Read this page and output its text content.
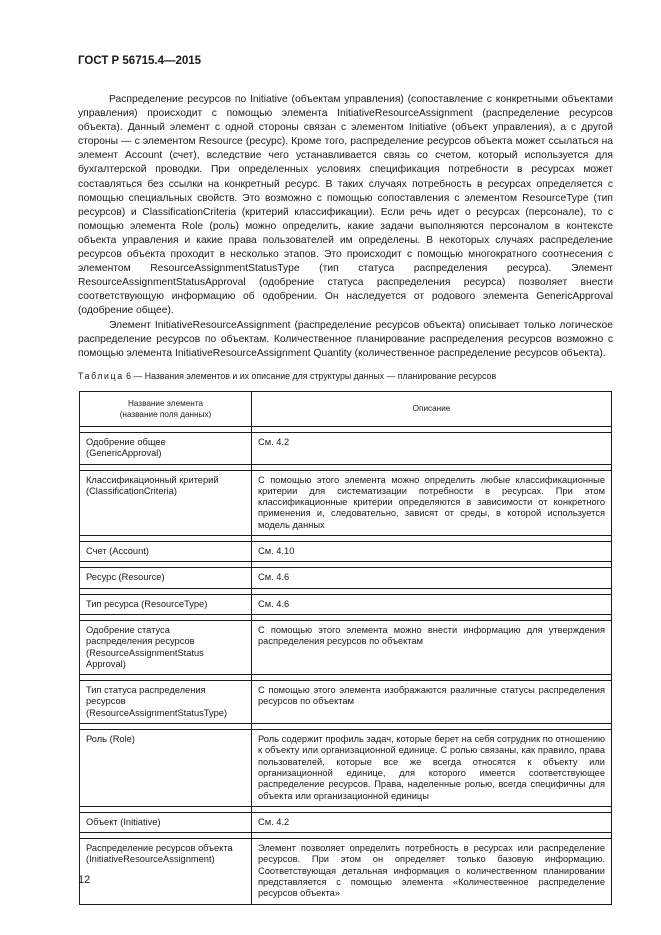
ГОСТ Р 56715.4—2015

Распределение ресурсов по Initiative (объектам управления) (сопоставление с конкретными объектами управления) происходит с помощью элемента InitiativeResourceAssignment (распределение ресурсов объекта). Данный элемент с одной стороны связан с элементом Initiative (объект управления), а с другой стороны — с элементом Resource (ресурс). Кроме того, распределение ресурсов объекта может ссылаться на элемент Account (счет), вследствие чего устанавливается связь со счетом, который используется для бухгалтерской проводки. При определенных условиях спецификация потребности в ресурсах может составляться без ссылки на конкретный ресурс. В таких случаях потребность в ресурсах определяется с помощью специальных свойств. Это возможно с помощью сопоставления с элементом ResourceType (тип ресурсов) и ClassificationCriteria (критерий классификации). Если речь идет о ресурсах (персонале), то с помощью элемента Role (роль) можно определить, какие задачи выполняются персоналом в контексте объекта управления и какие права пользователей им определены. В некоторых случаях распределение ресурсов объекта проходит в несколько этапов. Это происходит с помощью многократного соотнесения с элементом ResourceAssignmentStatusType (тип статуса распределения ресурса). Элемент ResourceAssignmentStatusApproval (одобрение статуса распределения ресурса) позволяет внести соответствующую информацию об одобрении. Он наследуется от родового элемента GenericApproval (одобрение общее).

Элемент InitiativeResourceAssignment (распределение ресурсов объекта) описывает только логическое распределение ресурсов по объектам. Количественное планирование распределения ресурсов возможно с помощью элемента InitiativeResourceAssignment Quantity (количественное распределение ресурсов объекта).

Таблица 6 — Названия элементов и их описание для структуры данных — планирование ресурсов
Название элемента
(название поля данных)	Описание

Одобрение общее
(GenericApproval)	См. 4.2

Классификационный критерий
(ClassificationCriteria)	С помощью этого элемента можно определить любые классификационные критерии для систематизации потребности в ресурсах. При этом классификационные критерии определяются в зависимости от конкретного применения и, следовательно, зависят от среды, в которой используется модель данных

Счет (Account)	См. 4.10

Ресурс (Resource)	См. 4.6

Тип ресурса (ResourceType)	См. 4.6

Одобрение статуса
распределения ресурсов
(ResourceAssignmentStatus
Approval)	С помощью этого элемента можно внести информацию для утверждения распределения ресурсов по объектам

Тип статуса распределения
ресурсов
(ResourceAssignmentStatusType)	С помощью этого элемента изображаются различные статусы распределения ресурсов по объектам

Роль (Role)	Роль содержит профиль задач, которые берет на себя сотрудник по отношению к объекту или организационной единице. С ролью связаны, как правило, права пользователей, которые все же всегда относятся к объекту или организационной единице, для которого имеется соответствующее распределение ресурсов. Права, наделенные ролью, всегда специфичны для объекта или организационной единицы

Объект (Initiative)	См. 4.2

Распределение ресурсов объекта
(InitiativeResourceAssignment)	Элемент позволяет определить потребность в ресурсах или распределение ресурсов. При этом он определяет только базовую информацию. Соответствующая детальная информация о количественном планировании представляется с помощью элемента «Количественное распределение ресурсов объекта»
12
